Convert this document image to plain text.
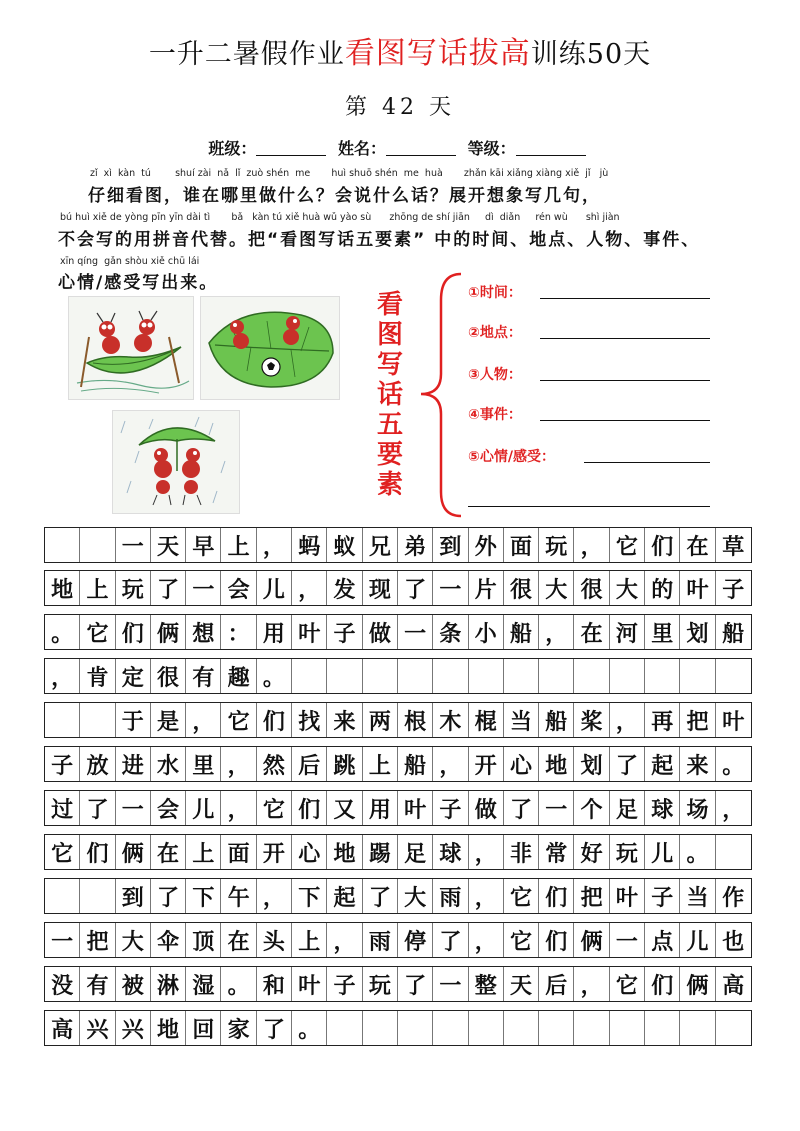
一升二暑假作业看图写话拔高训练50天
第 42 天
班级：	姓名：	等级：
zǐ  xì  kàn  tú        shuí zài  nǎ  lǐ  zuò shén  me       huì shuō shén  me  huà       zhǎn kāi xiǎng xiàng xiě  jǐ   jù
仔细看图，谁在哪里做什么？会说什么话？展开想象写几句，
bú huì xiě de yòng pīn yīn dài tì       bǎ   kàn tú xiě huà wǔ yào sù      zhōng de shí jiān     dì  diǎn     rén wù      shì jiàn
不会写的用拼音代替。把“看图写话五要素” 中的时间、地点、人物、事件、
xīn qíng  gǎn shòu xiě chū lái
心情/感受写出来。
看
图
写
话
五
要
素
①时间：
②地点：
③人物：
④事件：
⑤心情/感受：
一 天 早 上 ， 蚂 蚁 兄 弟 到 外 面 玩 ， 它 们 在 草
地 上 玩 了 一 会 儿 ， 发 现 了 一 片 很 大 很 大 的 叶 子
。 它 们 俩 想 ： 用 叶 子 做 一 条 小 船 ， 在 河 里 划 船
， 肯 定 很 有 趣 。
于 是 ， 它 们 找 来 两 根 木 棍 当 船 桨 ， 再 把 叶
子 放 进 水 里 ， 然 后 跳 上 船 ， 开 心 地 划 了 起 来 。
过 了 一 会 儿 ， 它 们 又 用 叶 子 做 了 一 个 足 球 场 ，
它 们 俩 在 上 面 开 心 地 踢 足 球 ， 非 常 好 玩 儿 。
到 了 下 午 ， 下 起 了 大 雨 ， 它 们 把 叶 子 当 作
一 把 大 伞 顶 在 头 上 ， 雨 停 了 ， 它 们 俩 一 点 儿 也
没 有 被 淋 湿 。 和 叶 子 玩 了 一 整 天 后 ， 它 们 俩 高
高 兴 兴 地 回 家 了 。
